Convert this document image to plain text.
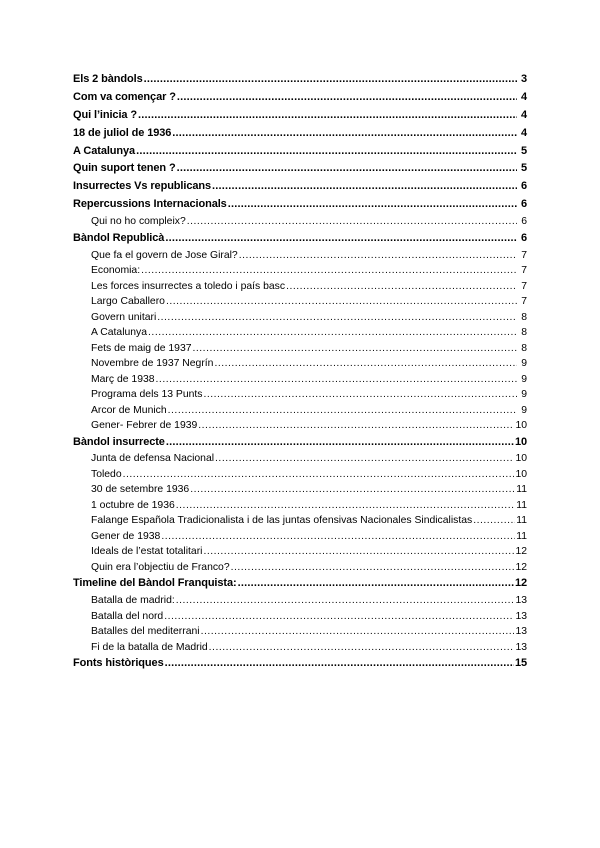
Els 2 bàndols .....	3
Com va començar ? .....	4
Qui l’inicia ? .....	4
18 de juliol de 1936 .....	4
A Catalunya .....	5
Quin suport tenen ? .....	5
Insurrectes Vs republicans .....	6
Repercussions Internacionals .....	6
Qui no ho compleix? .....	6
Bàndol Republicà .....	6
Que fa el govern de Jose Giral? .....	7
Economia: .....	7
Les forces insurrectes a toledo i país basc .....	7
Largo Caballero .....	7
Govern unitari .....	8
A Catalunya .....	8
Fets de maig de 1937 .....	8
Novembre de 1937 Negrín .....	9
Març de 1938 .....	9
Programa dels 13 Punts .....	9
Arcor de Munich .....	9
Gener- Febrer de 1939 .....	10
Bàndol insurrecte .....	10
Junta de defensa Nacional .....	10
Toledo .....	10
30 de setembre 1936 .....	11
1 octubre de 1936 .....	11
Falange Española Tradicionalista i de las juntas ofensivas Nacionales Sindicalistas .....	11
Gener de 1938 .....	11
Ideals de l’estat totalitari .....	12
Quin era l’objectiu de Franco? .....	12
Timeline del Bàndol Franquista: .....	12
Batalla de madrid: .....	13
Batalla del nord .....	13
Batalles del mediterrani .....	13
Fi de la batalla de Madrid .....	13
Fonts històriques .....	15
